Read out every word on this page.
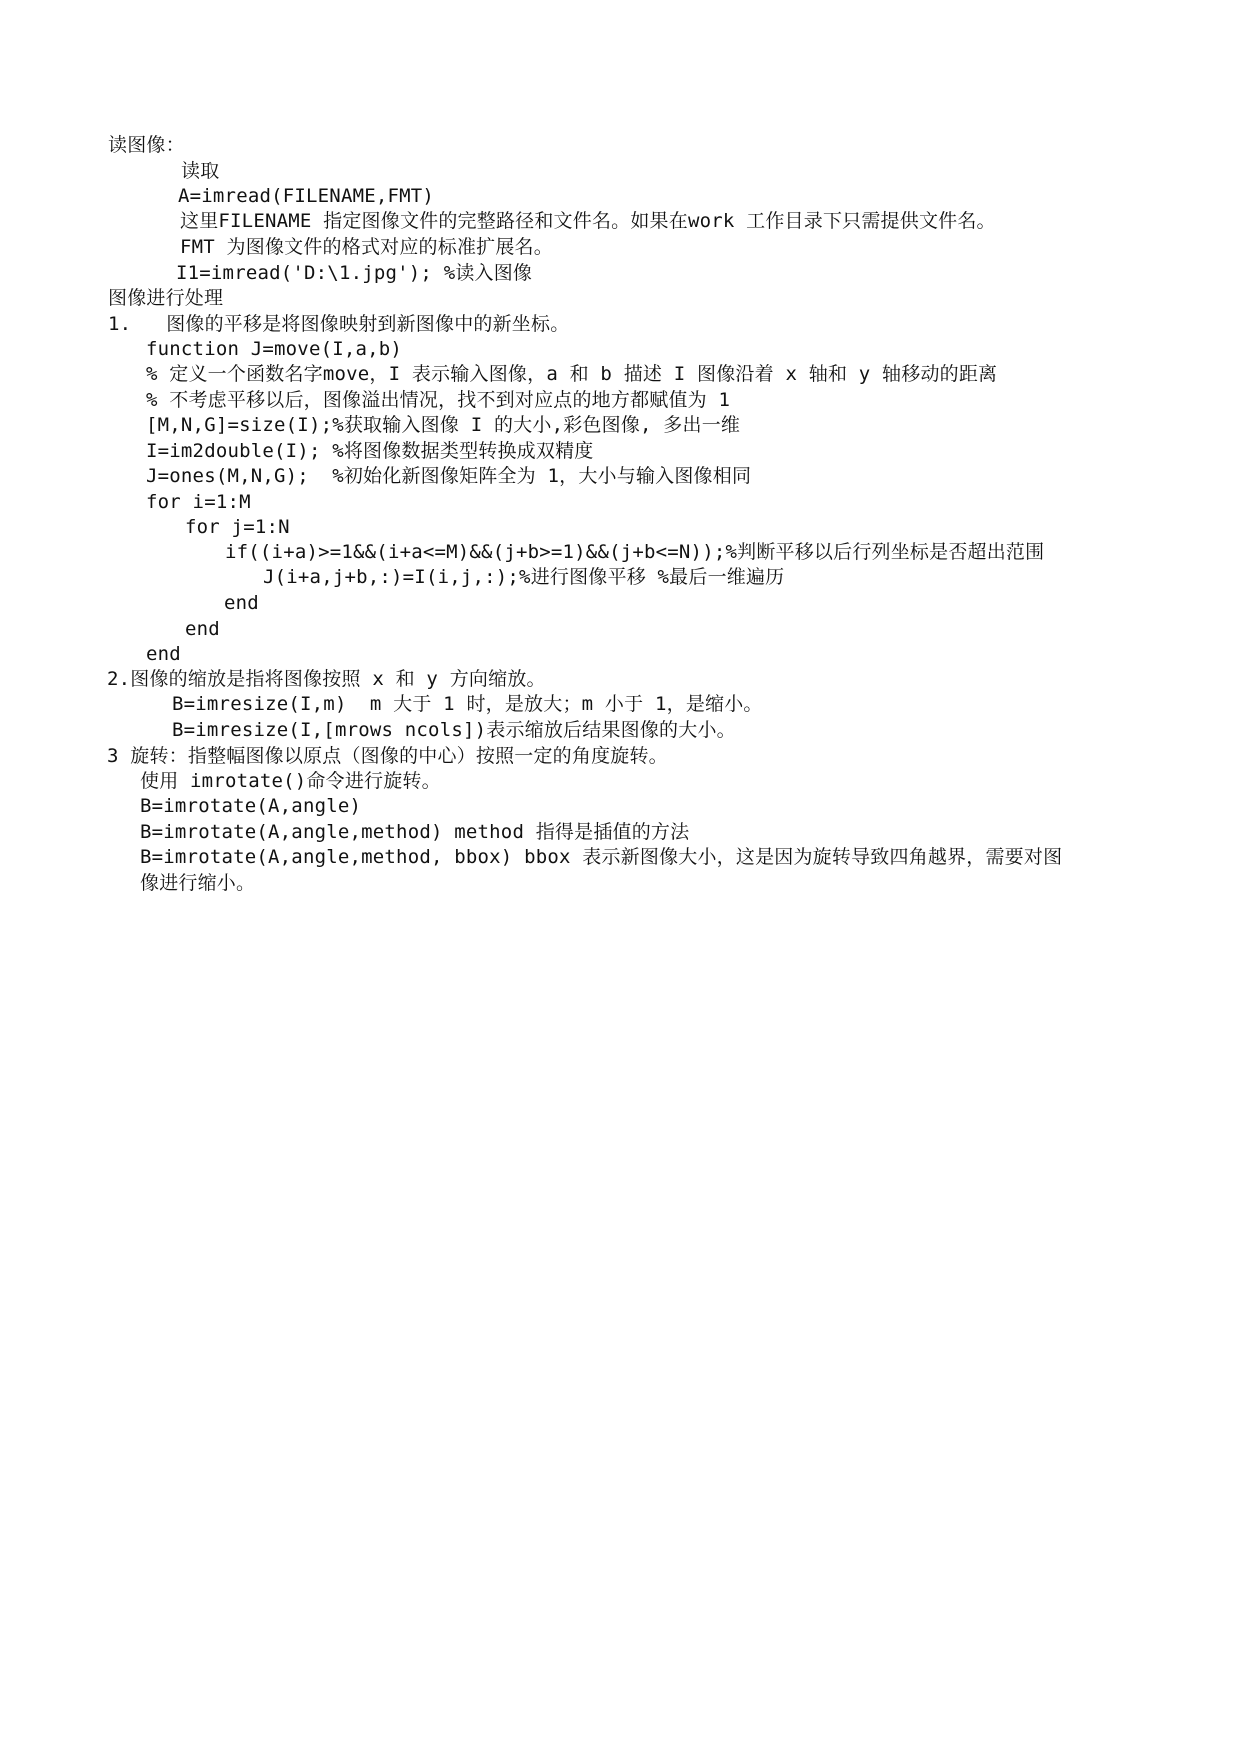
读图像：
读取
A=imread(FILENAME,FMT)
这里FILENAME 指定图像文件的完整路径和文件名。如果在work 工作目录下只需提供文件名。
FMT 为图像文件的格式对应的标准扩展名。
I1=imread('D:\1.jpg'); %读入图像
图像进行处理
1.   图像的平移是将图像映射到新图像中的新坐标。
function J=move(I,a,b)
% 定义一个函数名字move，I 表示输入图像，a 和 b 描述 I 图像沿着 x 轴和 y 轴移动的距离
% 不考虑平移以后，图像溢出情况，找不到对应点的地方都赋值为 1
[M,N,G]=size(I);%获取输入图像 I 的大小,彩色图像, 多出一维
I=im2double(I); %将图像数据类型转换成双精度
J=ones(M,N,G);  %初始化新图像矩阵全为 1，大小与输入图像相同
for i=1:M
for j=1:N
if((i+a)>=1&&(i+a<=M)&&(j+b>=1)&&(j+b<=N));%判断平移以后行列坐标是否超出范围
J(i+a,j+b,:)=I(i,j,:);%进行图像平移 %最后一维遍历
end
end
end
2.图像的缩放是指将图像按照 x 和 y 方向缩放。
B=imresize(I,m)  m 大于 1 时，是放大；m 小于 1，是缩小。
B=imresize(I,[mrows ncols])表示缩放后结果图像的大小。
3 旋转：指整幅图像以原点（图像的中心）按照一定的角度旋转。
使用 imrotate()命令进行旋转。
B=imrotate(A,angle)
B=imrotate(A,angle,method) method 指得是插值的方法
B=imrotate(A,angle,method, bbox) bbox 表示新图像大小，这是因为旋转导致四角越界，需要对图
像进行缩小。
